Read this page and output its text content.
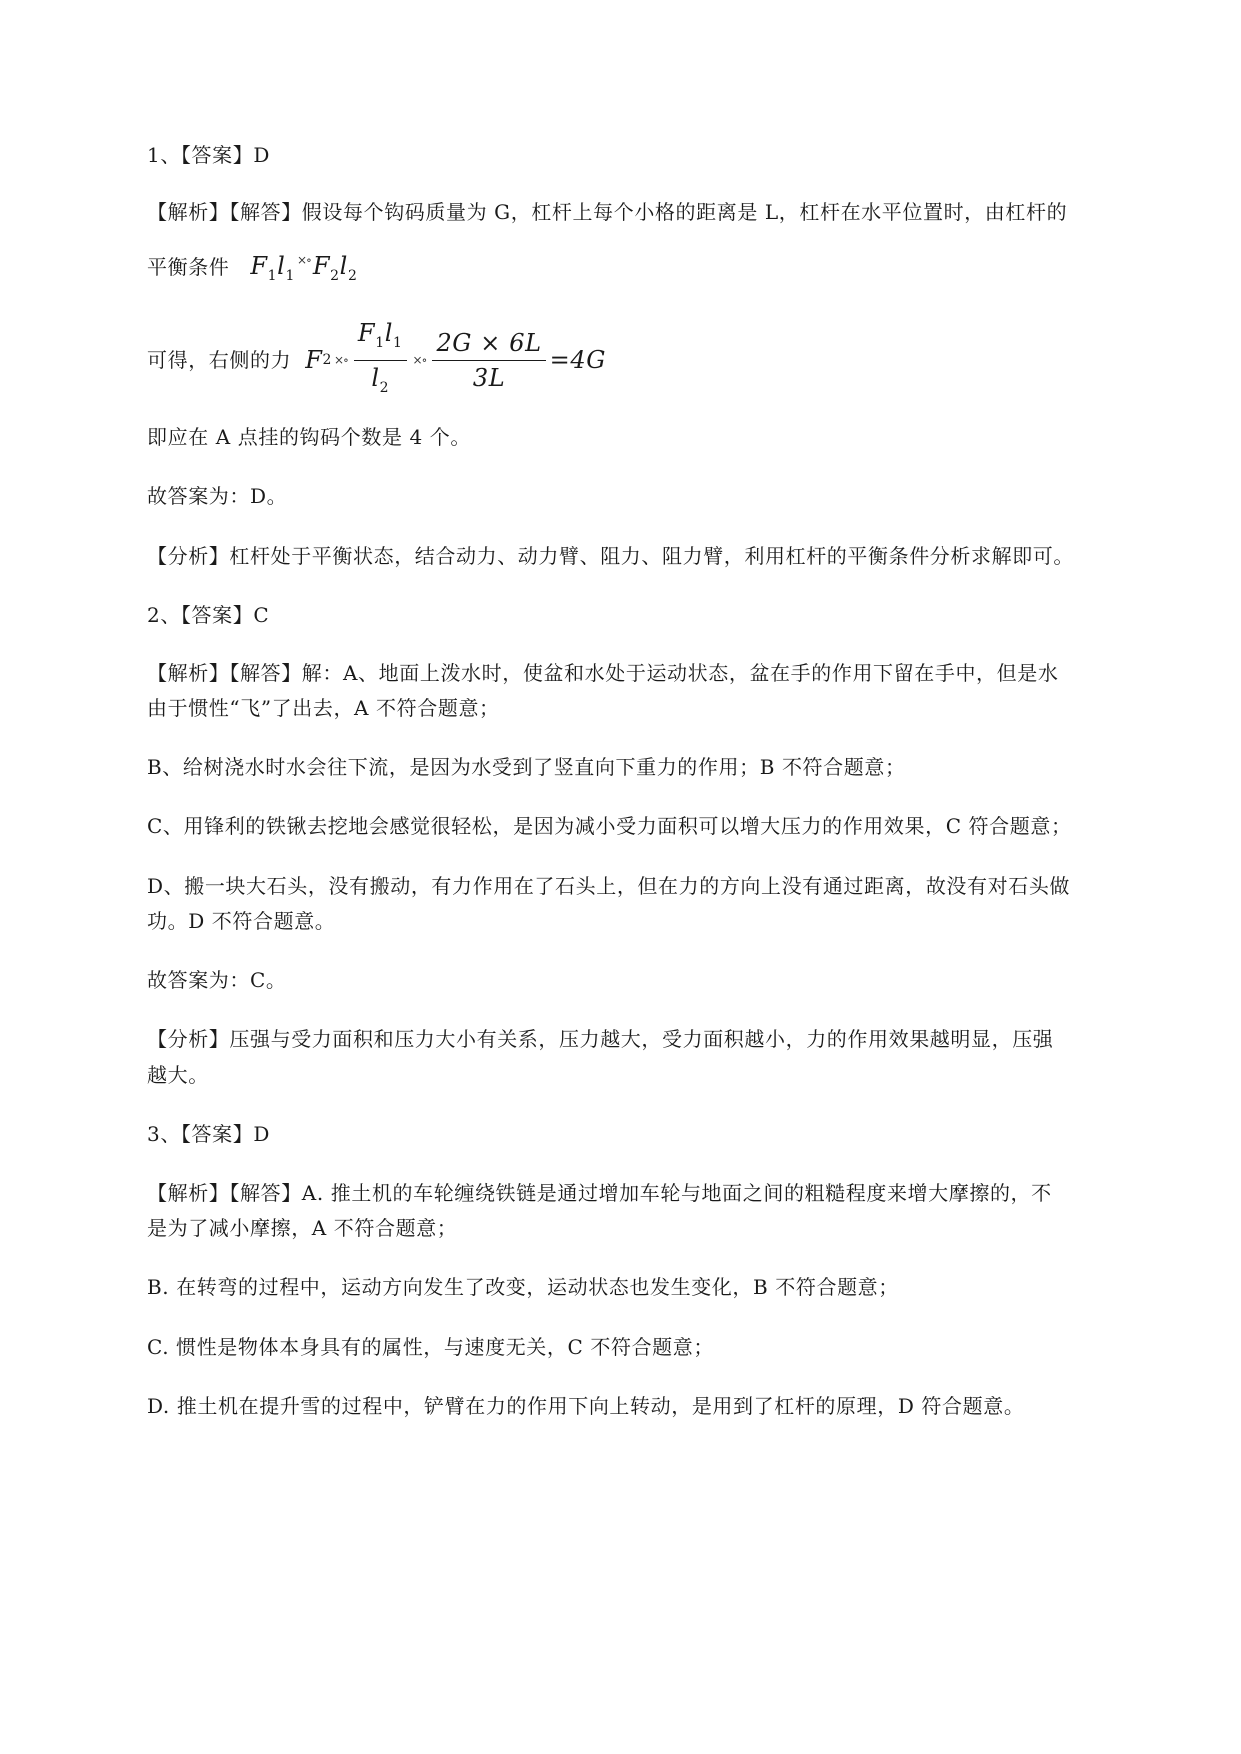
1、【答案】D
【解析】【解答】假设每个钩码质量为 G，杠杆上每个小格的距离是 L，杠杆在水平位置时，由杠杆的
平衡条件 $F_1l_1^{\times\circ}F_2l_2$
可得，右侧的力 F 2 ×∘ $\frac{F_1l_1}{l_2}$ ×∘ $\frac{2G \times 6L}{3L} =4G$
即应在 A 点挂的钩码个数是 4 个。
故答案为：D。
【分析】杠杆处于平衡状态，结合动力、动力臂、阻力、阻力臂，利用杠杆的平衡条件分析求解即可。
2、【答案】C
【解析】【解答】解：A、地面上泼水时，使盆和水处于运动状态，盆在手的作用下留在手中，但是水
由于惯性“飞”了出去，A 不符合题意；
B、给树浇水时水会往下流，是因为水受到了竖直向下重力的作用；B 不符合题意；
C、用锋利的铁锹去挖地会感觉很轻松，是因为减小受力面积可以增大压力的作用效果，C 符合题意；
D、搬一块大石头，没有搬动，有力作用在了石头上，但在力的方向上没有通过距离，故没有对石头做
功。D 不符合题意。
故答案为：C。
【分析】压强与受力面积和压力大小有关系，压力越大，受力面积越小，力的作用效果越明显，压强
越大。
3、【答案】D
【解析】【解答】A. 推土机的车轮缠绕铁链是通过增加车轮与地面之间的粗糙程度来增大摩擦的，不
是为了减小摩擦，A 不符合题意；
B. 在转弯的过程中，运动方向发生了改变，运动状态也发生变化，B 不符合题意；
C. 惯性是物体本身具有的属性，与速度无关，C 不符合题意；
D. 推土机在提升雪的过程中，铲臂在力的作用下向上转动，是用到了杠杆的原理，D 符合题意。
